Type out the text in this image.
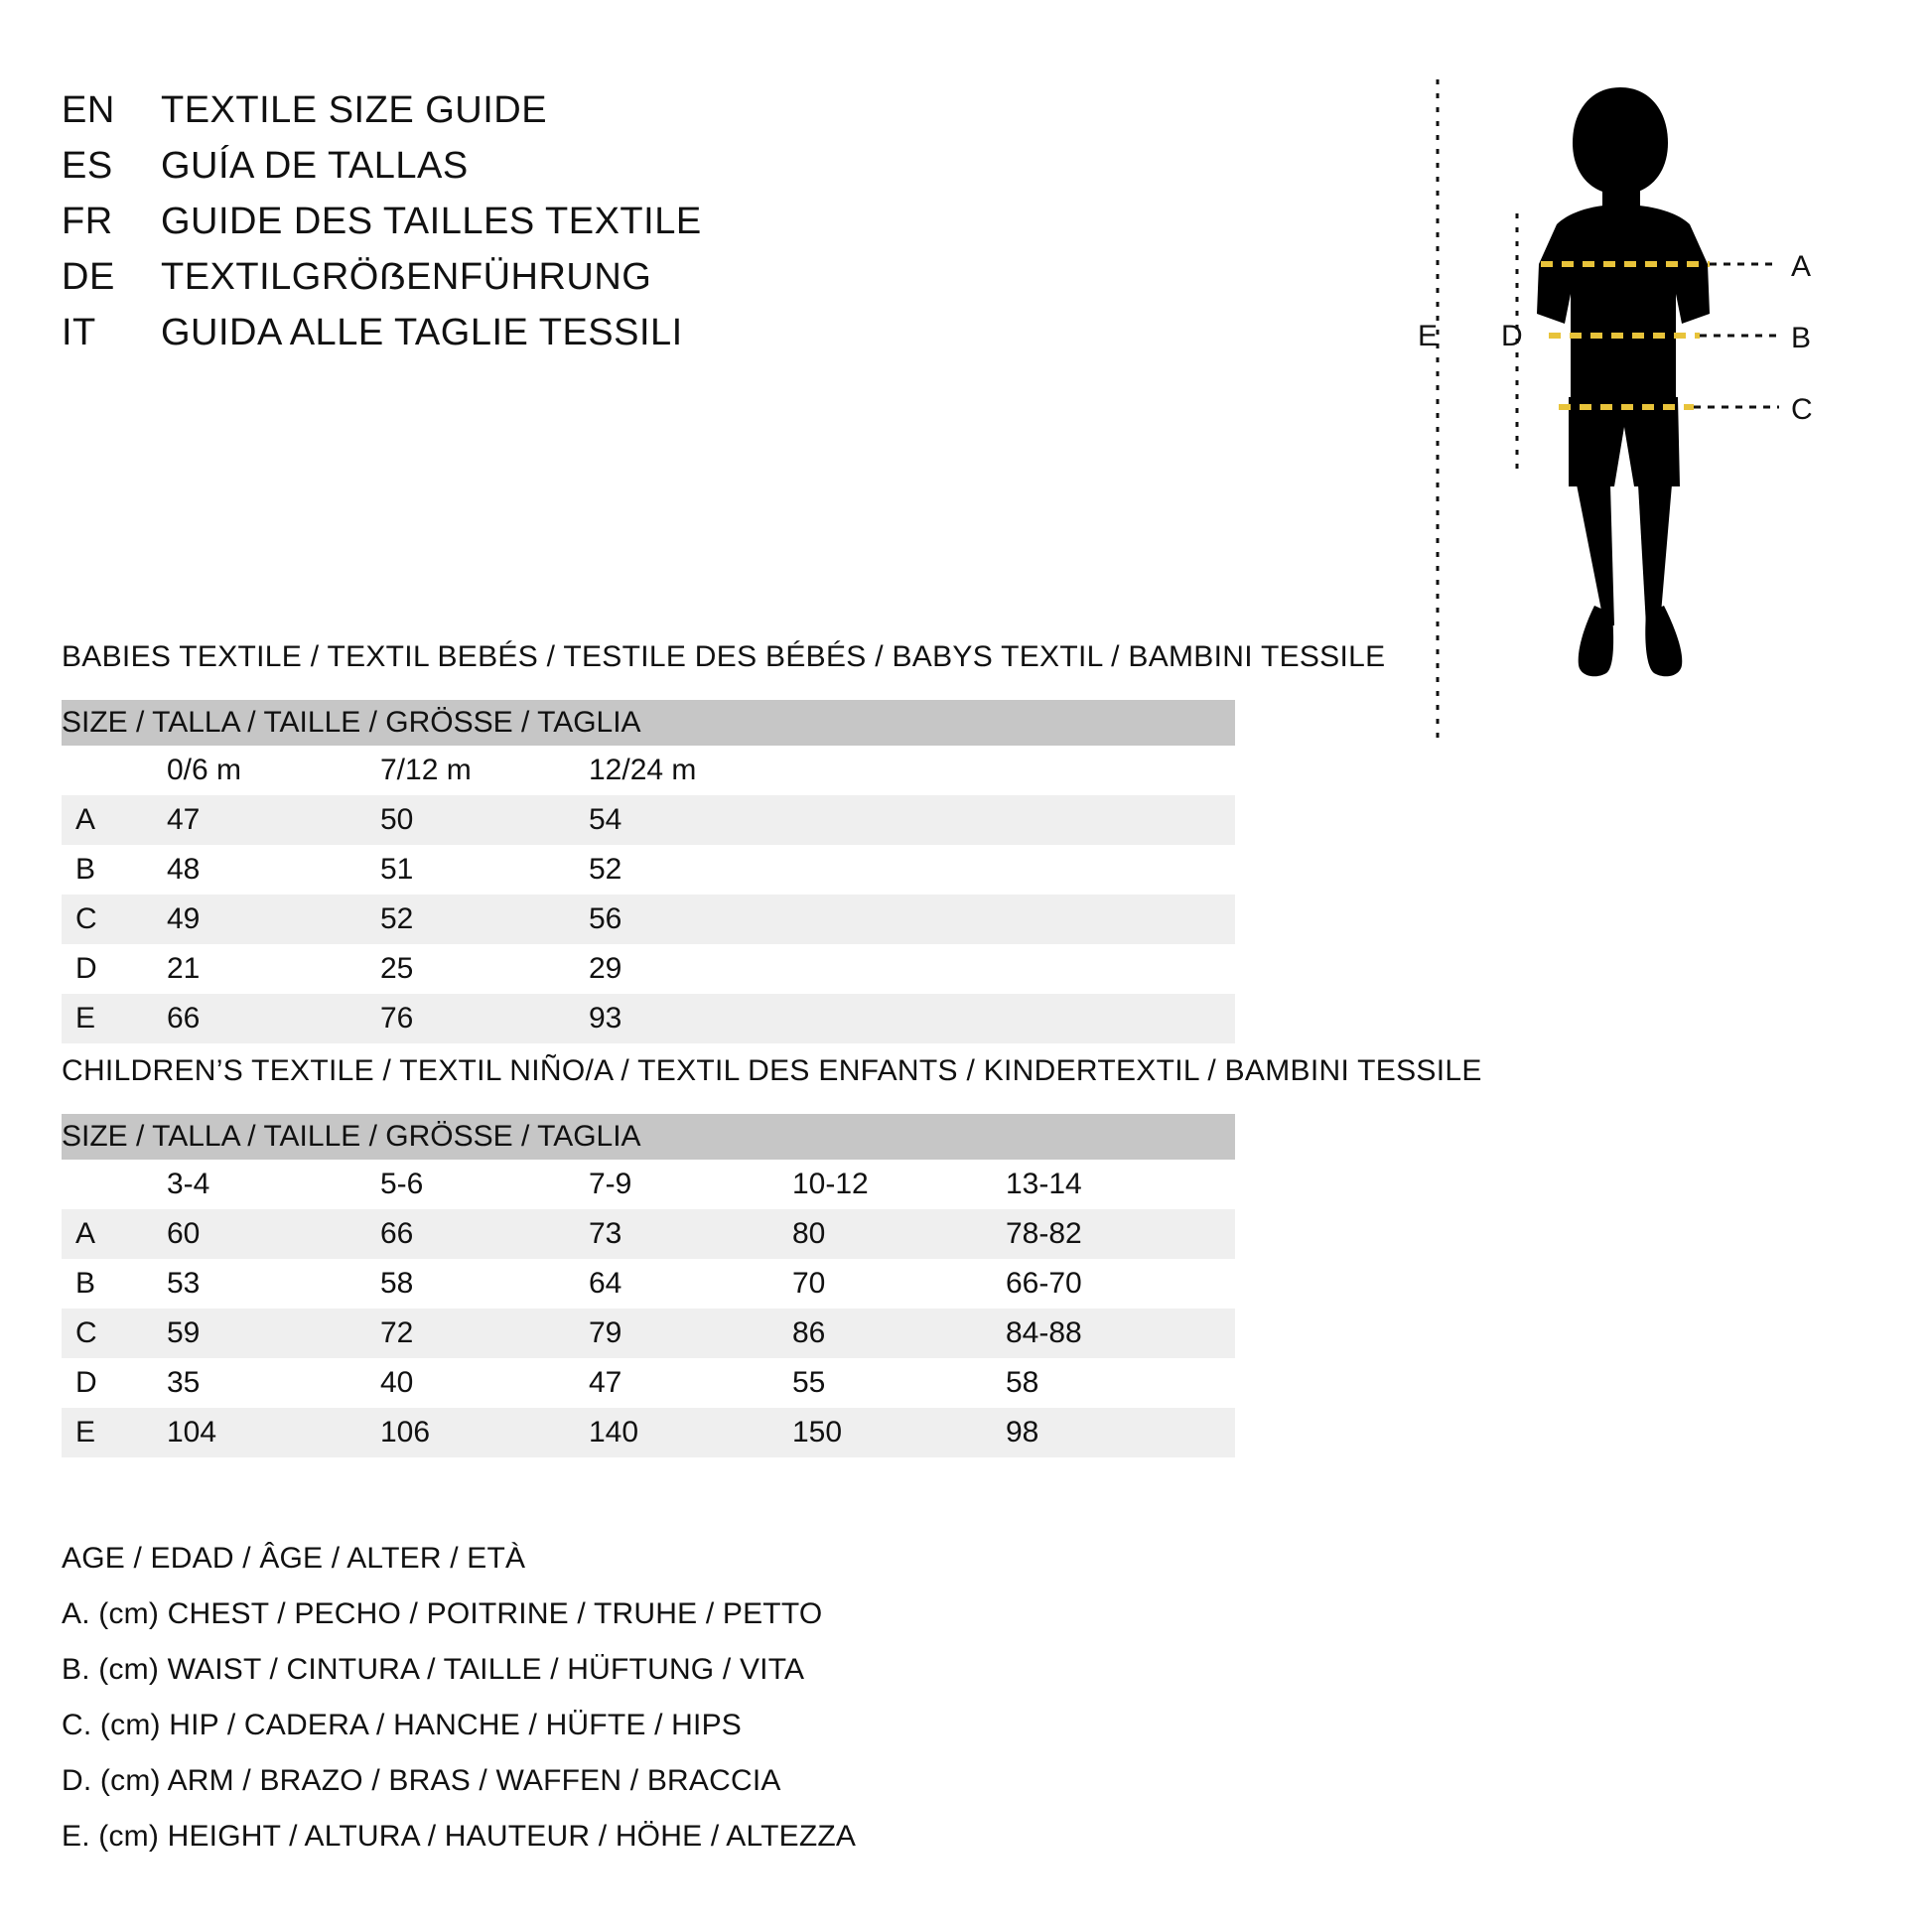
EN	TEXTILE SIZE GUIDE
ES	GUÍA DE TALLAS
FR	GUIDE DES TAILLES TEXTILE
DE	TEXTILGRÖẞENFÜHRUNG
IT	GUIDA ALLE TAGLIE TESSILI
A
B
C
D
E
BABIES TEXTILE / TEXTIL BEBÉS / TESTILE DES BÉBÉS / BABYS TEXTIL / BAMBINI TESSILE
SIZE / TALLA / TAILLE / GRÖSSE / TAGLIA			
	0/6 m	7/12 m	12/24 m
A	47	50	54
B	48	51	52
C	49	52	56
D	21	25	29
E	66	76	93
CHILDREN’S TEXTILE / TEXTIL NIÑO/A / TEXTIL DES ENFANTS / KINDERTEXTIL / BAMBINI TESSILE
SIZE / TALLA / TAILLE / GRÖSSE / TAGLIA					
	3-4	5-6	7-9	10-12	13-14
A	60	66	73	80	78-82
B	53	58	64	70	66-70
C	59	72	79	86	84-88
D	35	40	47	55	58
E	104	106	140	150	98
AGE / EDAD / ÂGE / ALTER / ETÀ
A. (cm) CHEST / PECHO / POITRINE / TRUHE / PETTO
B. (cm) WAIST / CINTURA / TAILLE / HÜFTUNG / VITA
C. (cm) HIP / CADERA / HANCHE / HÜFTE / HIPS
D. (cm) ARM / BRAZO / BRAS / WAFFEN / BRACCIA
E. (cm) HEIGHT / ALTURA / HAUTEUR / HÖHE / ALTEZZA
